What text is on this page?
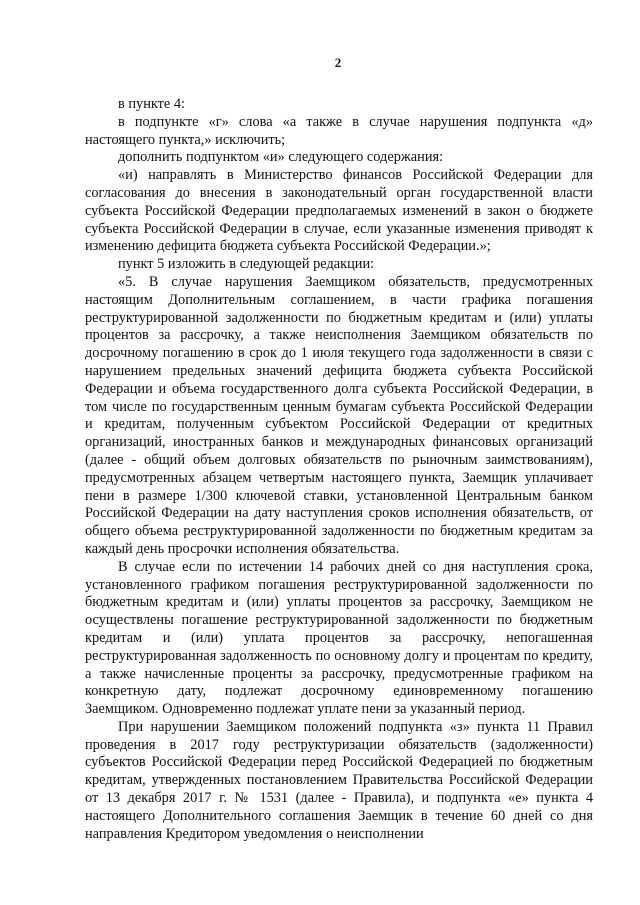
2

в пункте 4:

в подпункте «г» слова «а также в случае нарушения подпункта «д» настоящего пункта,» исключить;

дополнить подпунктом «и» следующего содержания:

«и) направлять в Министерство финансов Российской Федерации для согласования до внесения в законодательный орган государственной власти субъекта Российской Федерации предполагаемых изменений в закон о бюджете субъекта Российской Федерации в случае, если указанные изменения приводят к изменению дефицита бюджета субъекта Российской Федерации.»;

пункт 5 изложить в следующей редакции:

«5. В случае нарушения Заемщиком обязательств, предусмотренных настоящим Дополнительным соглашением, в части графика погашения реструктурированной задолженности по бюджетным кредитам и (или) уплаты процентов за рассрочку, а также неисполнения Заемщиком обязательств по досрочному погашению в срок до 1 июля текущего года задолженности в связи с нарушением предельных значений дефицита бюджета субъекта Российской Федерации и объема государственного долга субъекта Российской Федерации, в том числе по государственным ценным бумагам субъекта Российской Федерации и кредитам, полученным субъектом Российской Федерации от кредитных организаций, иностранных банков и международных финансовых организаций (далее - общий объем долговых обязательств по рыночным заимствованиям), предусмотренных абзацем четвертым настоящего пункта, Заемщик уплачивает пени в размере 1/300 ключевой ставки, установленной Центральным банком Российской Федерации на дату наступления сроков исполнения обязательств, от общего объема реструктурированной задолженности по бюджетным кредитам за каждый день просрочки исполнения обязательства.

В случае если по истечении 14 рабочих дней со дня наступления срока, установленного графиком погашения реструктурированной задолженности по бюджетным кредитам и (или) уплаты процентов за рассрочку, Заемщиком не осуществлены погашение реструктурированной задолженности по бюджетным кредитам и (или) уплата процентов за рассрочку, непогашенная реструктурированная задолженность по основному долгу и процентам по кредиту, а также начисленные проценты за рассрочку, предусмотренные графиком на конкретную дату, подлежат досрочному единовременному погашению Заемщиком. Одновременно подлежат уплате пени за указанный период.

При нарушении Заемщиком положений подпункта «з» пункта 11 Правил проведения в 2017 году реструктуризации обязательств (задолженности) субъектов Российской Федерации перед Российской Федерацией по бюджетным кредитам, утвержденных постановлением Правительства Российской Федерации от 13 декабря 2017 г. № 1531 (далее - Правила), и подпункта «е» пункта 4 настоящего Дополнительного соглашения Заемщик в течение 60 дней со дня направления Кредитором уведомления о неисполнении
